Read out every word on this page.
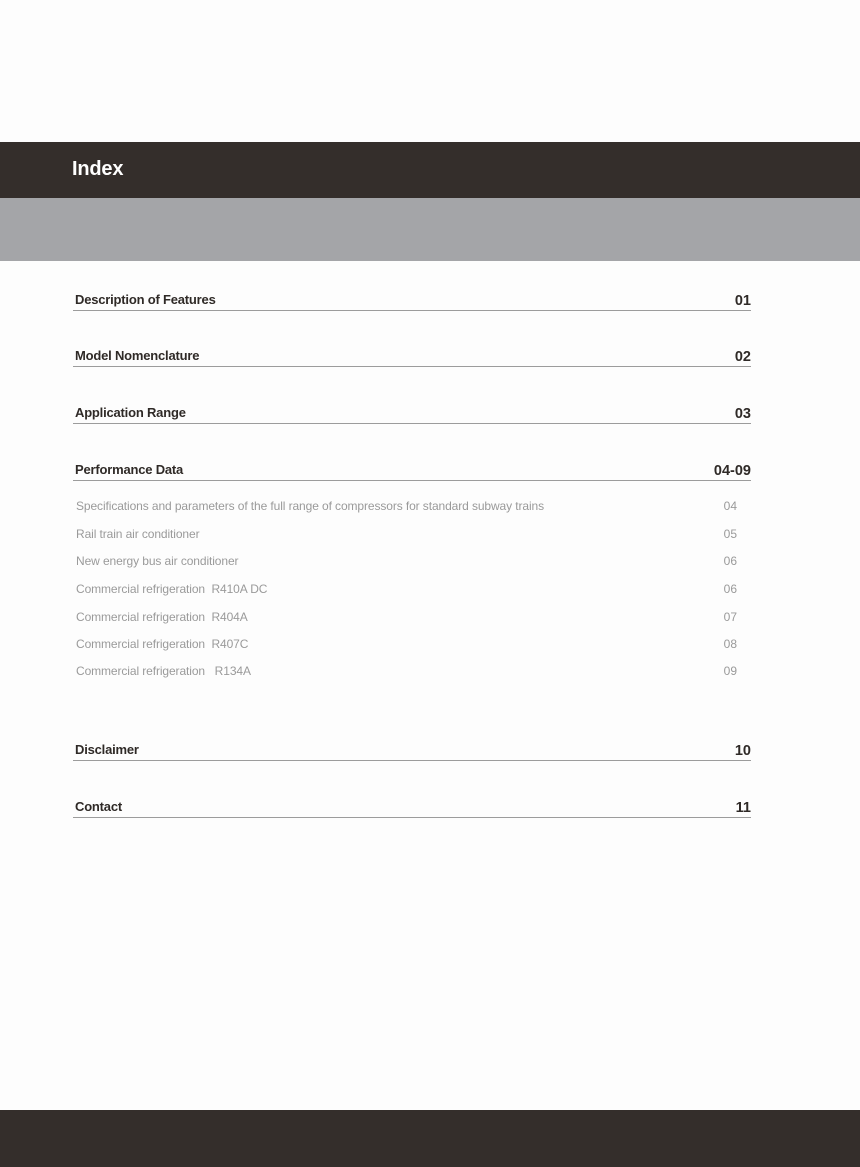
Index
Description of Features	01
Model Nomenclature	02
Application Range	03
Performance Data	04-09
Specifications and parameters of the full range of compressors for standard subway trains	04
Rail train air conditioner	05
New energy bus air conditioner	06
Commercial refrigeration  R410A DC	06
Commercial refrigeration  R404A	07
Commercial refrigeration  R407C	08
Commercial refrigeration   R134A	09
Disclaimer	10
Contact	11
